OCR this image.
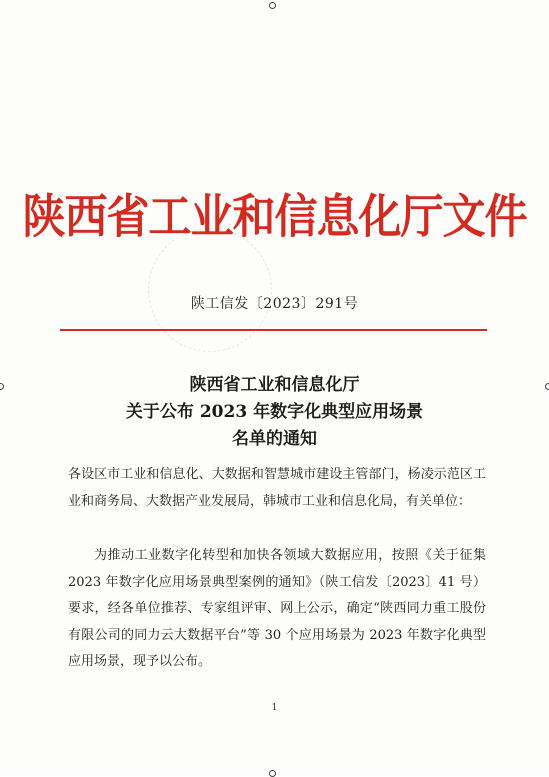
陕西省工业和信息化厅文件
陕工信发〔2023〕291号
陕西省工业和信息化厅
关于公布 2023 年数字化典型应用场景
名单的通知
各设区市工业和信息化、大数据和智慧城市建设主管部门，杨凌示范区工业和商务局、大数据产业发展局，韩城市工业和信息化局，有关单位：
为推动工业数字化转型和加快各领域大数据应用，按照《关于征集 2023 年数字化应用场景典型案例的通知》（陕工信发〔2023〕41 号）要求，经各单位推荐、专家组评审、网上公示，确定“陕西同力重工股份有限公司的同力云大数据平台”等 30 个应用场景为 2023 年数字化典型应用场景，现予以公布。
1
